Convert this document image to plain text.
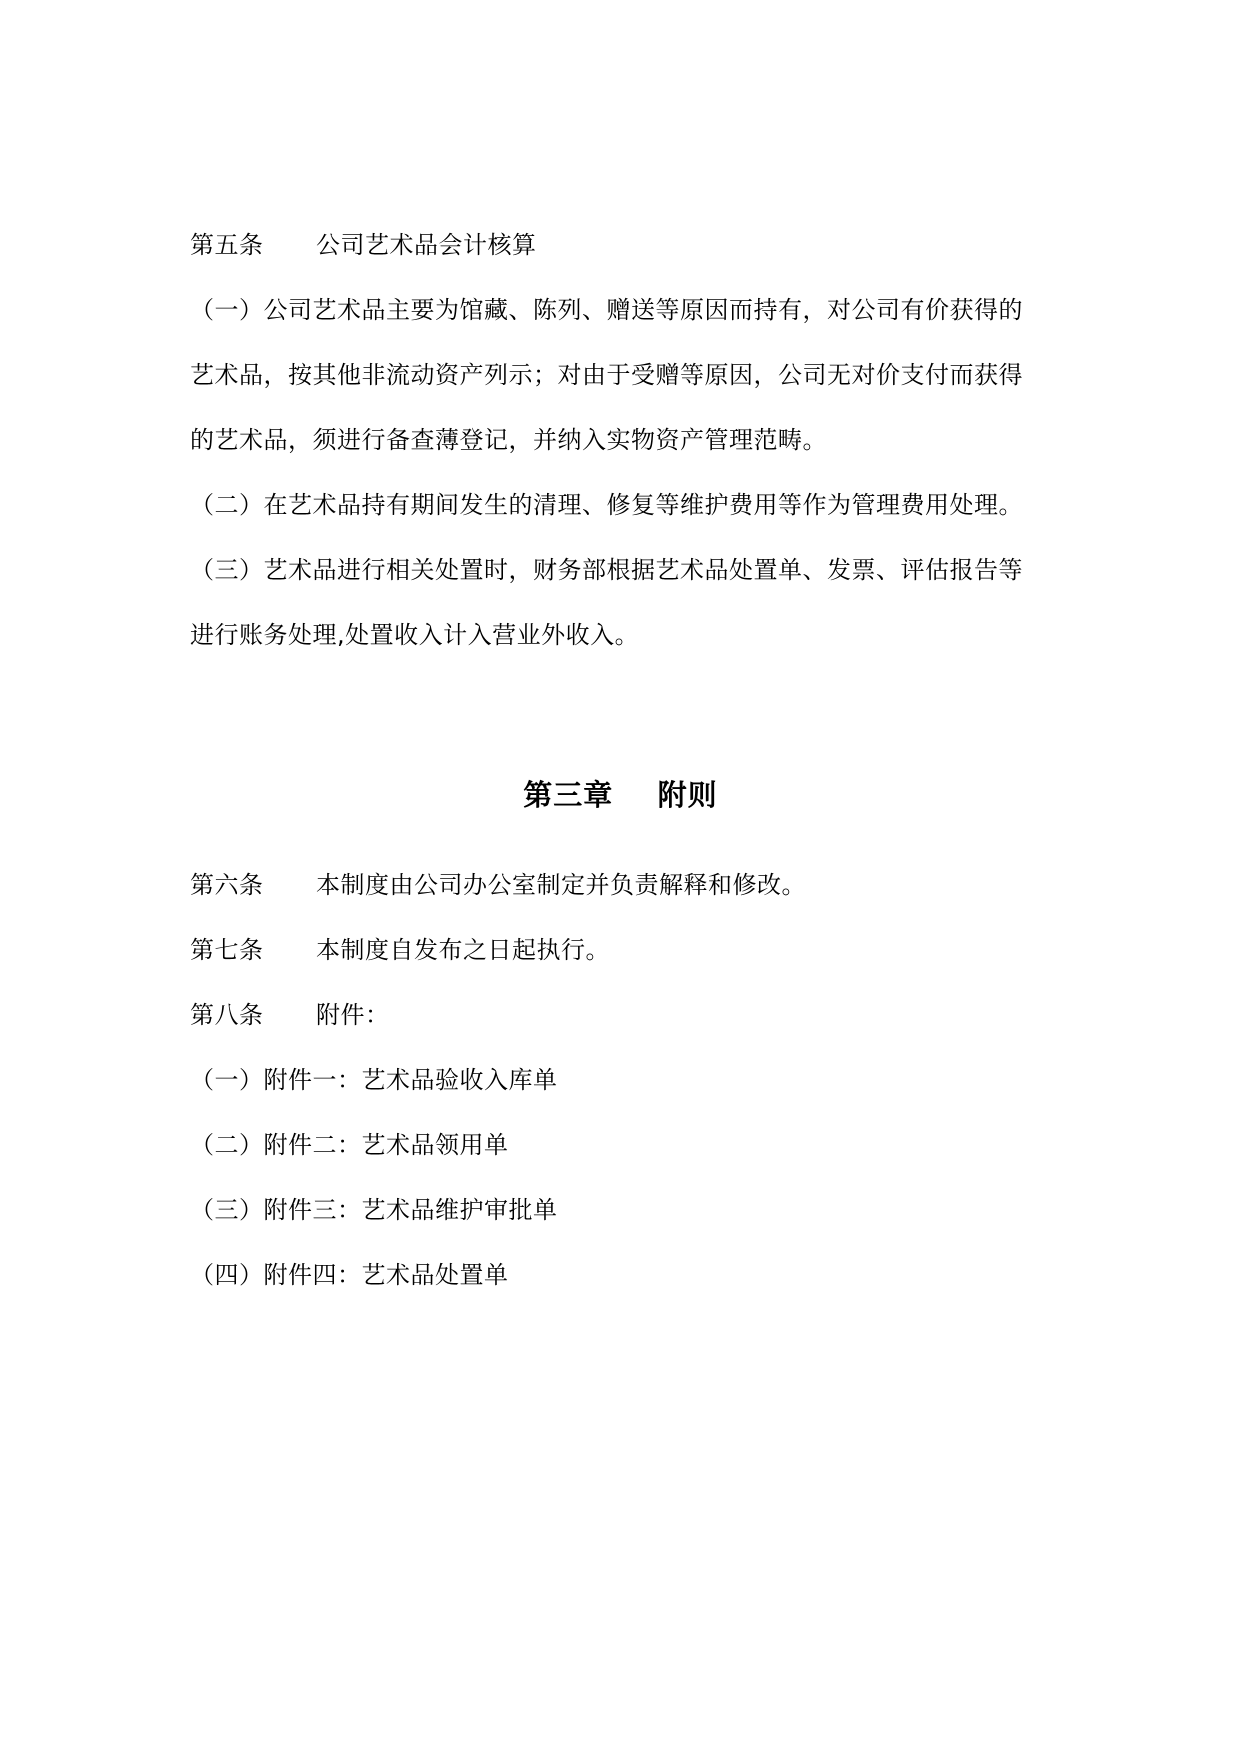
第五条 公司艺术品会计核算
（一）公司艺术品主要为馆藏、陈列、赠送等原因而持有，对公司有价获得的
艺术品，按其他非流动资产列示；对由于受赠等原因，公司无对价支付而获得
的艺术品，须进行备查薄登记，并纳入实物资产管理范畴。
（二）在艺术品持有期间发生的清理、修复等维护费用等作为管理费用处理。
（三）艺术品进行相关处置时，财务部根据艺术品处置单、发票、评估报告等
进行账务处理,处置收入计入营业外收入。
第三章    附则
第六条 本制度由公司办公室制定并负责解释和修改。
第七条 本制度自发布之日起执行。
第八条 附件：
（一）附件一：艺术品验收入库单
（二）附件二：艺术品领用单
（三）附件三：艺术品维护审批单
（四）附件四：艺术品处置单
